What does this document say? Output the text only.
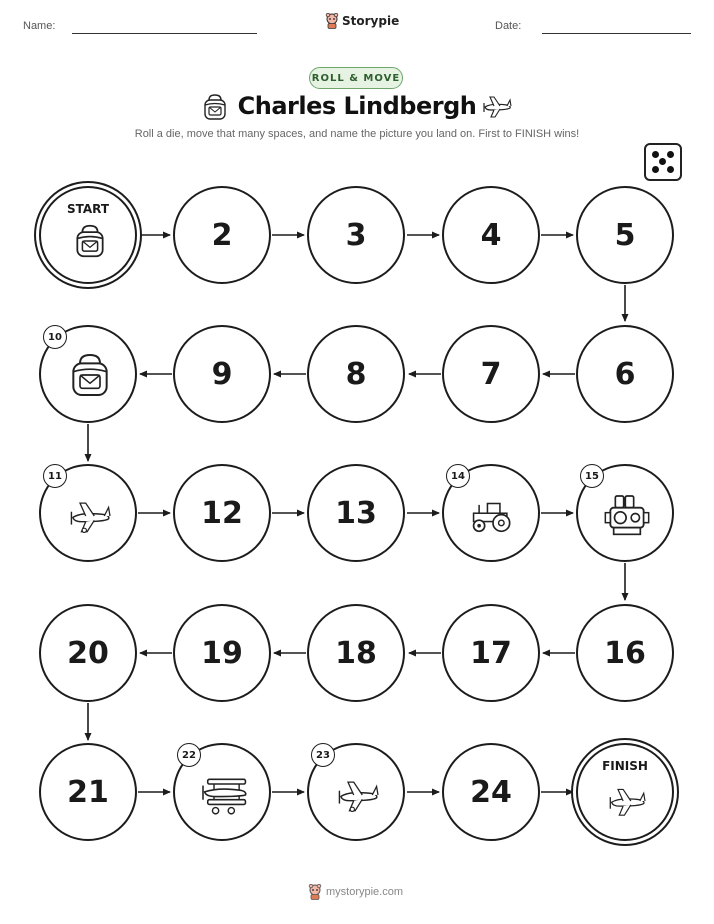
Name:	Storypie	Date:
ROLL & MOVE
Charles Lindbergh
Roll a die, move that many spaces, and name the picture you land on. First to FINISH wins!
START
2	3	4	5
10
9	8	7	6
11
12	13
14	15
20	19	18	17	16
21
22	23
24
FINISH
mystorypie.com
